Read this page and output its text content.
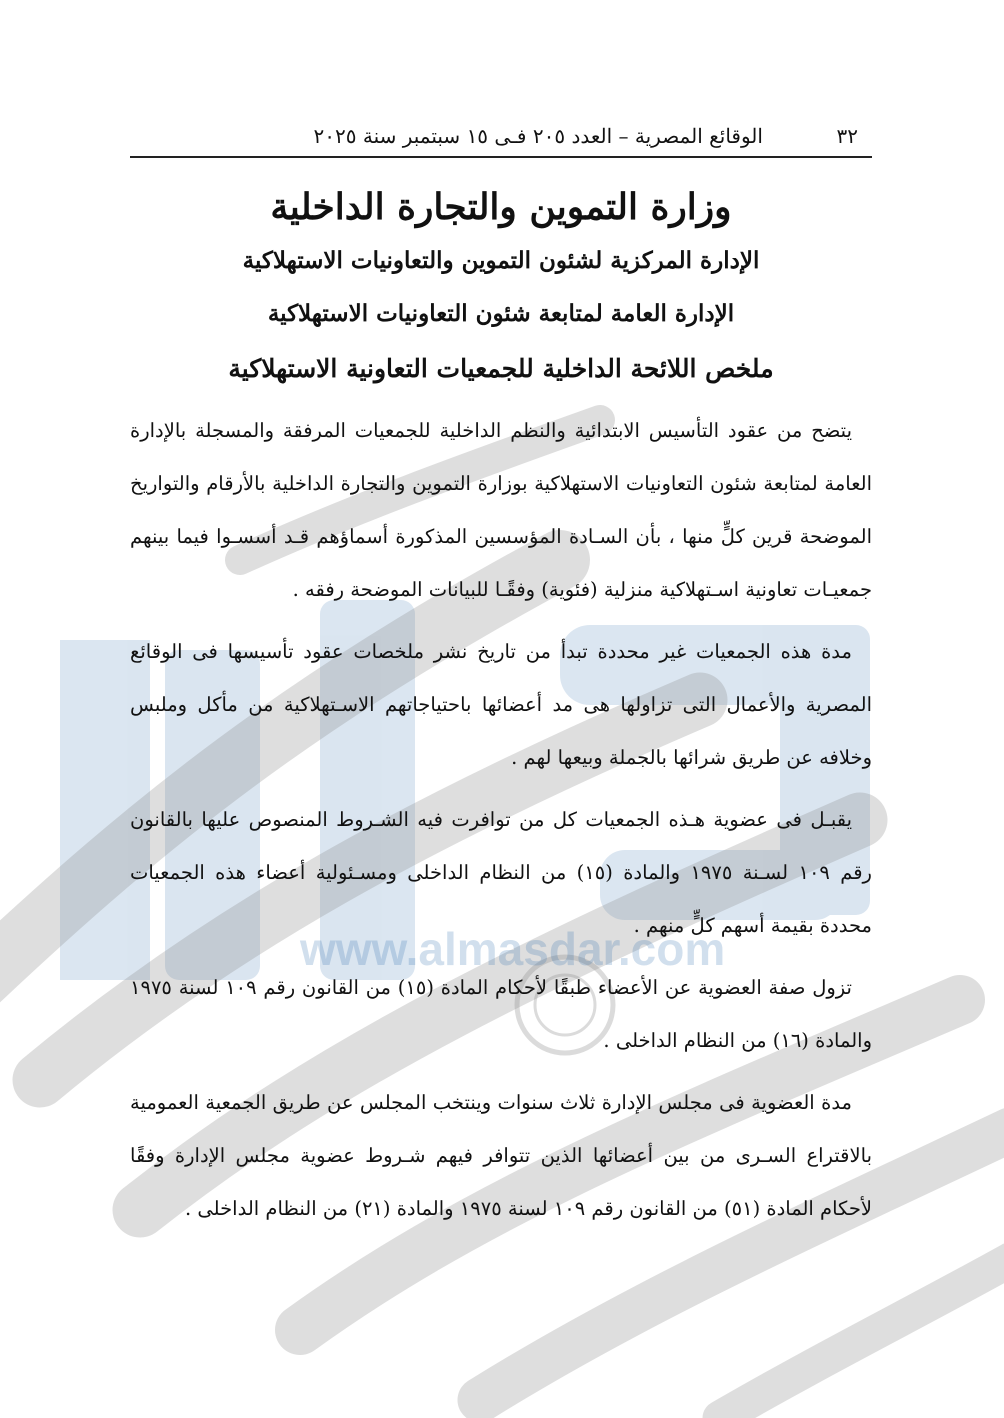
www.almasdar.com
٣٢
الوقائع المصرية – العدد ٢٠٥ فـى ١٥ سبتمبر سنة ٢٠٢٥
وزارة التموين والتجارة الداخلية
الإدارة المركزية لشئون التموين والتعاونيات الاستهلاكية
الإدارة العامة لمتابعة شئون التعاونيات الاستهلاكية
ملخص اللائحة الداخلية للجمعيات التعاونية الاستهلاكية

يتضح من عقود التأسيس الابتدائية والنظم الداخلية للجمعيات المرفقة والمسجلة بالإدارة العامة لمتابعة شئون التعاونيات الاستهلاكية بوزارة التموين والتجارة الداخلية بالأرقام والتواريخ الموضحة قرين كلٍّ منها ، بأن السـادة المؤسسين المذكورة أسماؤهم قـد أسسـوا فيما بينهم جمعيـات تعاونية اسـتهلاكية منزلية (فئوية) وفقًـا للبيانات الموضحة رفقه .

مدة هذه الجمعيات غير محددة تبدأ من تاريخ نشر ملخصات عقود تأسيسها فى الوقائع المصرية والأعمال التى تزاولها هى مد أعضائها باحتياجاتهم الاسـتهلاكية من مأكل وملبس وخلافه عن طريق شرائها بالجملة وبيعها لهم .

يقبـل فى عضوية هـذه الجمعيات كل من توافرت فيه الشـروط المنصوص عليها بالقانون رقم ١٠٩ لسـنة ١٩٧٥ والمادة (١٥) من النظام الداخلى ومسـئولية أعضاء هذه الجمعيات محددة بقيمة أسهم كلٍّ منهم .

تزول صفة العضوية عن الأعضاء طبقًا لأحكام المادة (١٥) من القانون رقم ١٠٩ لسنة ١٩٧٥ والمادة (١٦) من النظام الداخلى .

مدة العضوية فى مجلس الإدارة ثلاث سنوات وينتخب المجلس عن طريق الجمعية العمومية بالاقتراع السـرى من بين أعضائها الذين تتوافر فيهم شـروط عضوية مجلس الإدارة وفقًا لأحكام المادة (٥١) من القانون رقم ١٠٩ لسنة ١٩٧٥ والمادة (٢١) من النظام الداخلى .
